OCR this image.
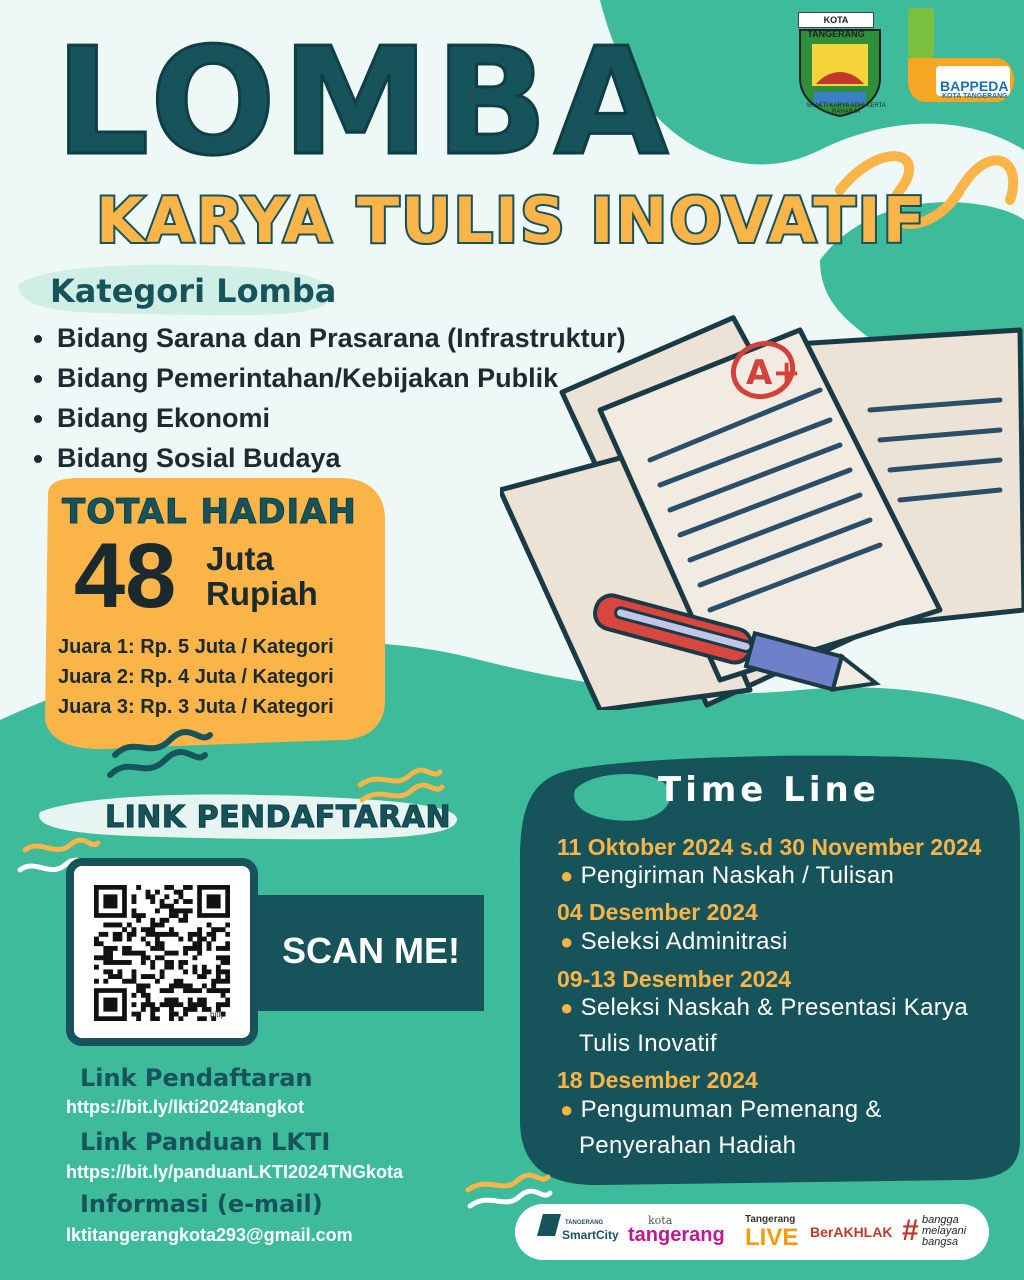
A+
KOTA TANGERANG
SHAKTI KARYA ADHI KERTA RAHARJA
BAPPEDA
KOTA TANGERANG
LOMBA
KARYA TULIS INOVATIF
Kategori Lomba
• Bidang Sarana dan Prasarana (Infrastruktur)
• Bidang Pemerintahan/Kebijakan Publik
• Bidang Ekonomi
• Bidang Sosial Budaya
TOTAL HADIAH
48 Juta
Rupiah
Juara 1: Rp. 5 Juta / Kategori
Juara 2: Rp. 4 Juta / Kategori
Juara 3: Rp. 3 Juta / Kategori
LINK PENDAFTARAN
bitly
SCAN ME!
Link Pendaftaran
https://bit.ly/lkti2024tangkot
Link Panduan LKTI
https://bit.ly/panduanLKTI2024TNGkota
Informasi (e-mail)
lktitangerangkota293@gmail.com
Time Line
11 Oktober 2024 s.d 30 November 2024
● Pengiriman Naskah / Tulisan
04 Desember 2024
● Seleksi Adminitrasi
09-13 Desember 2024
● Seleksi Naskah & Presentasi Karya
Tulis Inovatif
18 Desember 2024
● Pengumuman Pemenang &
Penyerahan Hadiah
TANGERANG
SmartCity
kota
tangerang
Tangerang
LIVE BerAKHLAK # bangga
melayani
bangsa
